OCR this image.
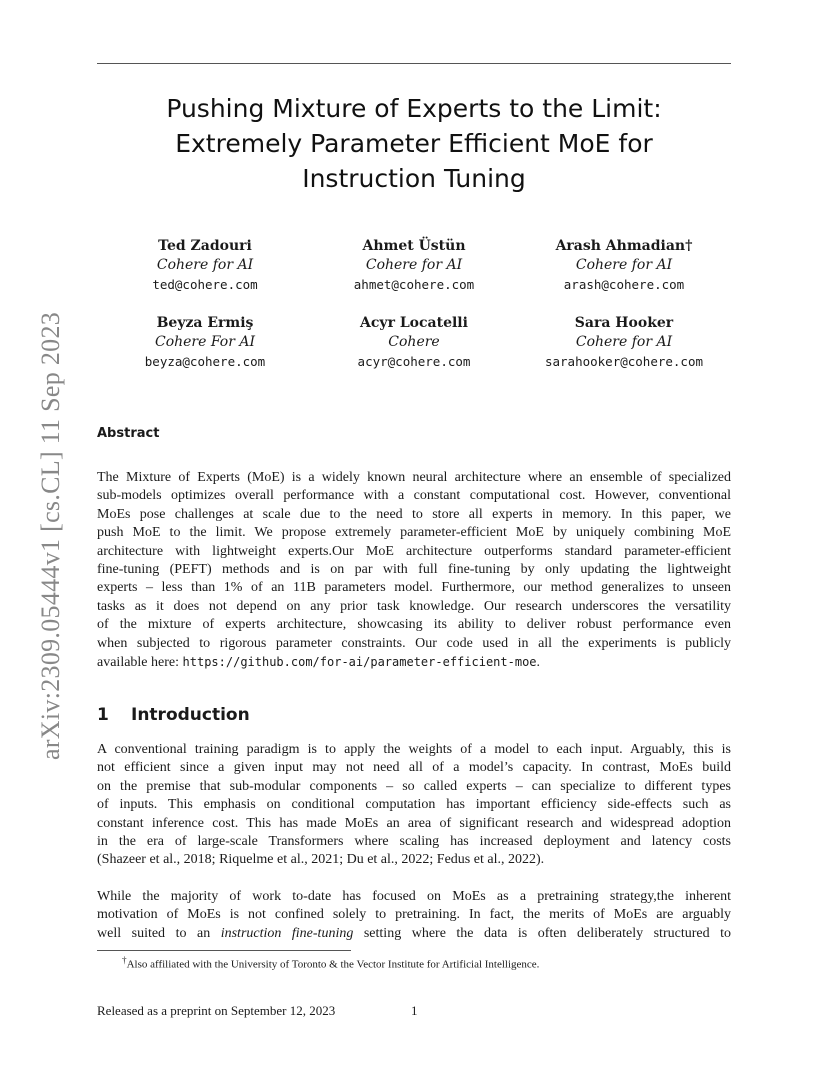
arXiv:2309.05444v1 [cs.CL] 11 Sep 2023
Pushing Mixture of Experts to the Limit:
Extremely Parameter Efficient MoE for
Instruction Tuning
Ted Zadouri
Cohere for AI
ted@cohere.com
Ahmet Üstün
Cohere for AI
ahmet@cohere.com
Arash Ahmadian†
Cohere for AI
arash@cohere.com
Beyza Ermiş
Cohere For AI
beyza@cohere.com
Acyr Locatelli
Cohere
acyr@cohere.com
Sara Hooker
Cohere for AI
sarahooker@cohere.com
Abstract
The Mixture of Experts (MoE) is a widely known neural architecture where an ensemble of specialized
sub-models optimizes overall performance with a constant computational cost. However, conventional
MoEs pose challenges at scale due to the need to store all experts in memory. In this paper, we
push MoE to the limit. We propose extremely parameter-efficient MoE by uniquely combining MoE
architecture with lightweight experts.Our MoE architecture outperforms standard parameter-efficient
fine-tuning (PEFT) methods and is on par with full fine-tuning by only updating the lightweight
experts – less than 1% of an 11B parameters model. Furthermore, our method generalizes to unseen
tasks as it does not depend on any prior task knowledge. Our research underscores the versatility
of the mixture of experts architecture, showcasing its ability to deliver robust performance even
when subjected to rigorous parameter constraints. Our code used in all the experiments is publicly
available here: https://github.com/for-ai/parameter-efficient-moe.
1 Introduction
A conventional training paradigm is to apply the weights of a model to each input. Arguably, this is
not efficient since a given input may not need all of a model’s capacity. In contrast, MoEs build
on the premise that sub-modular components – so called experts – can specialize to different types
of inputs. This emphasis on conditional computation has important efficiency side-effects such as
constant inference cost. This has made MoEs an area of significant research and widespread adoption
in the era of large-scale Transformers where scaling has increased deployment and latency costs
(Shazeer et al., 2018; Riquelme et al., 2021; Du et al., 2022; Fedus et al., 2022).
While the majority of work to-date has focused on MoEs as a pretraining strategy,the inherent
motivation of MoEs is not confined solely to pretraining. In fact, the merits of MoEs are arguably
well suited to an instruction fine-tuning setting where the data is often deliberately structured to
†Also affiliated with the University of Toronto & the Vector Institute for Artificial Intelligence.
Released as a preprint on September 12, 2023	1
